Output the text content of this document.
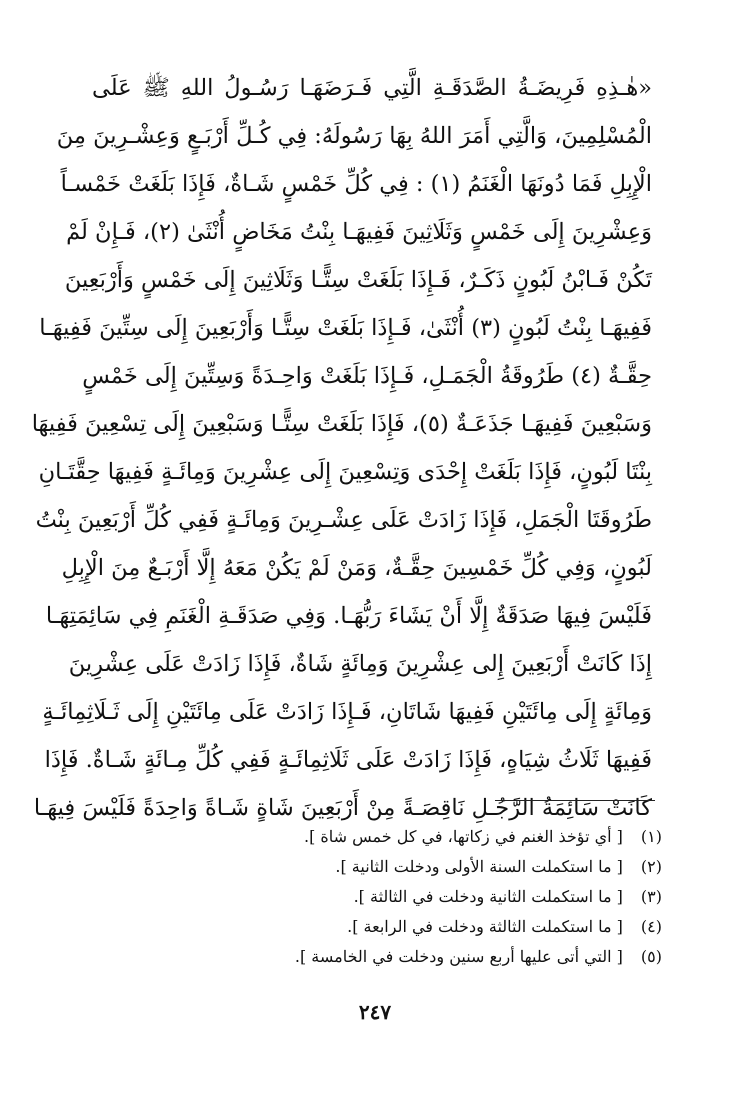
«هٰـذِهِ فَرِيضَـةُ الصَّدَقَـةِ الَّتِي فَـرَضَهَـا رَسُـولُ اللهِ ﷺ عَلَى
الْمُسْلِمِينَ، وَالَّتِي أَمَرَ اللهُ بِهَا رَسُولَهُ: فِي كُـلِّ أَرْبَـعٍ وَعِشْـرِينَ مِنَ
الْإِبِلِ فَمَا دُونَهَا الْغَنَمُ (١) : فِي كُلِّ خَمْسٍ شَـاةٌ، فَإِذَا بَلَغَتْ خَمْسـاً
وَعِشْرِينَ إِلَى خَمْسٍ وَثَلَاثِينَ فَفِيهَـا بِنْتُ مَخَاضٍ أُنْثَىٰ (٢)، فَـإِنْ لَمْ
تَكُنْ فَـابْنُ لَبُونٍ ذَكَـرٌ، فَـإِذَا بَلَغَتْ سِتًّـا وَثَلَاثِينَ إِلَى خَمْسٍ وَأَرْبَعِينَ
فَفِيهَـا بِنْتُ لَبُونٍ (٣) أُنْثَىٰ، فَـإِذَا بَلَغَتْ سِتًّـا وَأَرْبَعِينَ إِلَى سِتِّينَ فَفِيهَـا
حِقَّـةٌ (٤) طَرُوقَةُ الْجَمَـلِ، فَـإِذَا بَلَغَتْ وَاحِـدَةً وَسِتِّينَ إِلَى خَمْسٍ
وَسَبْعِينَ فَفِيهَـا جَذَعَـةٌ (٥)، فَإِذَا بَلَغَتْ سِتًّـا وَسَبْعِينَ إِلَى تِسْعِينَ فَفِيهَا
بِنْتَا لَبُونٍ، فَإِذَا بَلَغَتْ إِحْدَى وَتِسْعِينَ إِلَى عِشْرِينَ وَمِائَـةٍ فَفِيهَا حِقَّتَـانِ
طَرُوقَتَا الْجَمَلِ، فَإِذَا زَادَتْ عَلَى عِشْـرِينَ وَمِائَـةٍ فَفِي كُلِّ أَرْبَعِينَ بِنْتُ
لَبُونٍ، وَفِي كُلِّ خَمْسِينَ حِقَّـةٌ، وَمَنْ لَمْ يَكُنْ مَعَهُ إِلَّا أَرْبَـعٌ مِنَ الْإِبِلِ
فَلَيْسَ فِيهَا صَدَقَةٌ إِلَّا أَنْ يَشَاءَ رَبُّهَـا. وَفِي صَدَقَـةِ الْغَنَمِ فِي سَائِمَتِهَـا
إِذَا كَانَتْ أَرْبَعِينَ إِلى عِشْرِينَ وَمِائَةٍ شَاةٌ، فَإِذَا زَادَتْ عَلَى عِشْرِينَ
وَمِائَةٍ إِلَى مِائَتَيْنِ فَفِيهَا شَاتَانِ، فَـإِذَا زَادَتْ عَلَى مِائَتَيْنِ إِلَى ثَـلَاثِمِائَـةٍ
فَفِيهَا ثَلَاثُ شِيَاهٍ، فَإِذَا زَادَتْ عَلَى ثَلَاثِمِائَـةٍ فَفِي كُلِّ مِـائَةٍ شَـاةٌ. فَإِذَا
كَانَتْ سَائِمَةُ الرَّجُـلِ نَاقِصَـةً مِنْ أَرْبَعِينَ شَاةٍ شَـاةً وَاحِدَةً فَلَيْسَ فِيهَـا
(١) [ أي تؤخذ الغنم في زكاتها، في كل خمس شاة ].
(٢) [ ما استكملت السنة الأولى ودخلت الثانية ].
(٣) [ ما استكملت الثانية ودخلت في الثالثة ].
(٤) [ ما استكملت الثالثة ودخلت في الرابعة ].
(٥) [ التي أتى عليها أربع سنين ودخلت في الخامسة ].
٢٤٧
